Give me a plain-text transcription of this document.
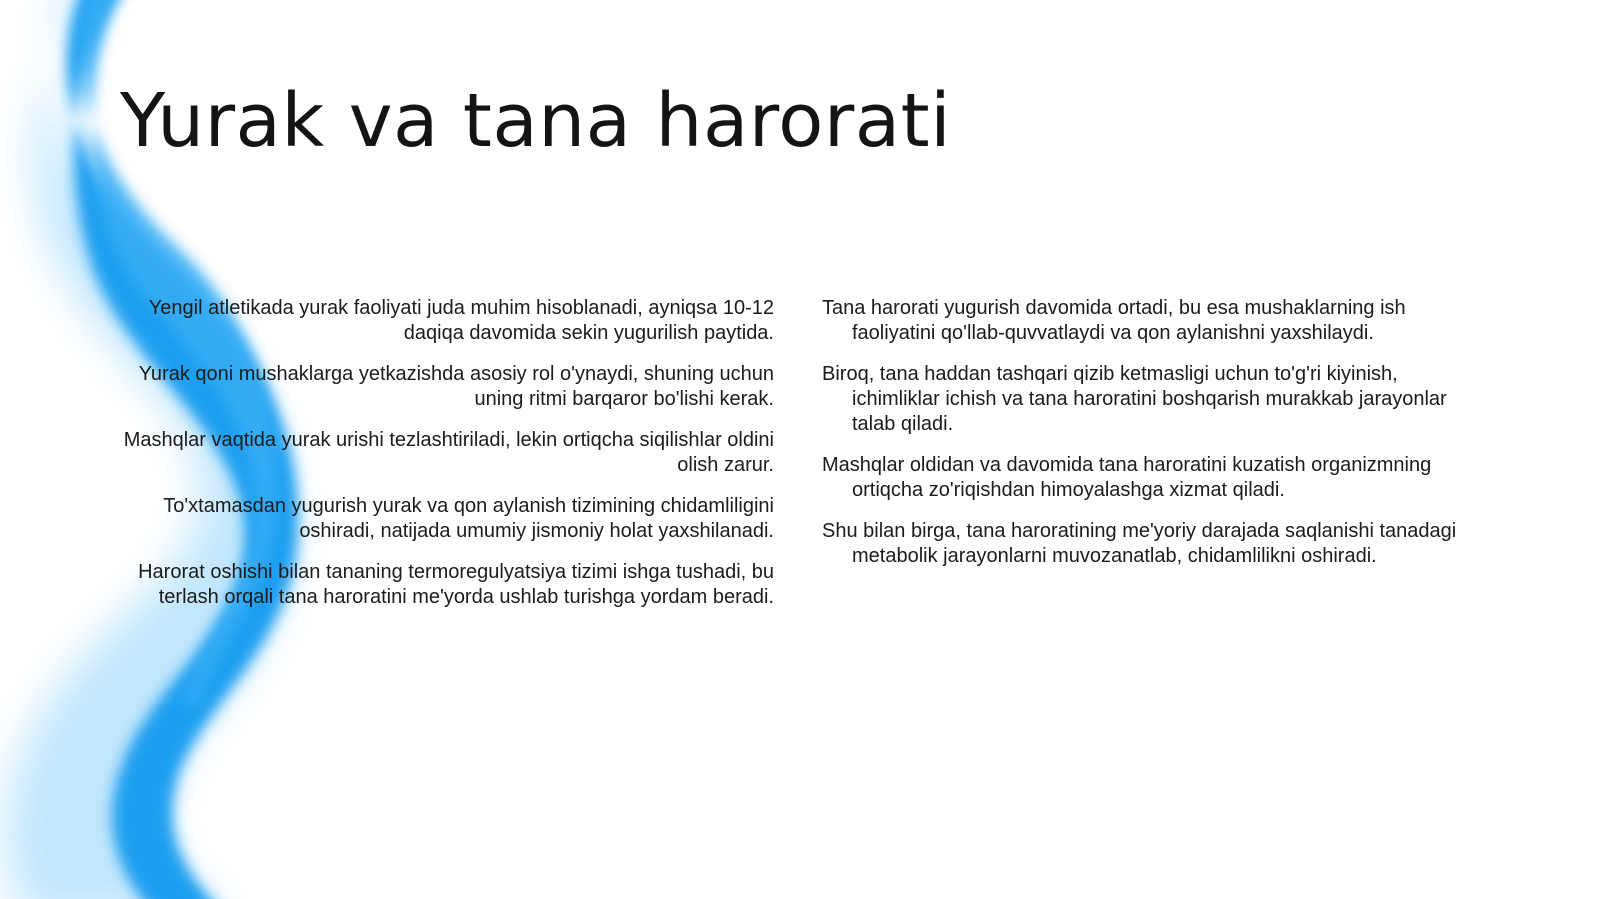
Yurak va tana harorati

Yengil atletikada yurak faoliyati juda muhim hisoblanadi, ayniqsa 10-12 daqiqa davomida sekin yugurilish paytida.

Yurak qoni mushaklarga yetkazishda asosiy rol o'ynaydi, shuning uchun uning ritmi barqaror bo'lishi kerak.

Mashqlar vaqtida yurak urishi tezlashtiriladi, lekin ortiqcha siqilishlar oldini olish zarur.

To'xtamasdan yugurish yurak va qon aylanish tizimining chidamliligini oshiradi, natijada umumiy jismoniy holat yaxshilanadi.

Harorat oshishi bilan tananing termoregulyatsiya tizimi ishga tushadi, bu terlash orqali tana haroratini me'yorda ushlab turishga yordam beradi.

Tana harorati yugurish davomida ortadi, bu esa mushaklarning ish faoliyatini qo'llab-quvvatlaydi va qon aylanishni yaxshilaydi.

Biroq, tana haddan tashqari qizib ketmasligi uchun to'g'ri kiyinish, ichimliklar ichish va tana haroratini boshqarish murakkab jarayonlar talab qiladi.

Mashqlar oldidan va davomida tana haroratini kuzatish organizmning ortiqcha zo'riqishdan himoyalashga xizmat qiladi.

Shu bilan birga, tana haroratining me'yoriy darajada saqlanishi tanadagi metabolik jarayonlarni muvozanatlab, chidamlilikni oshiradi.
